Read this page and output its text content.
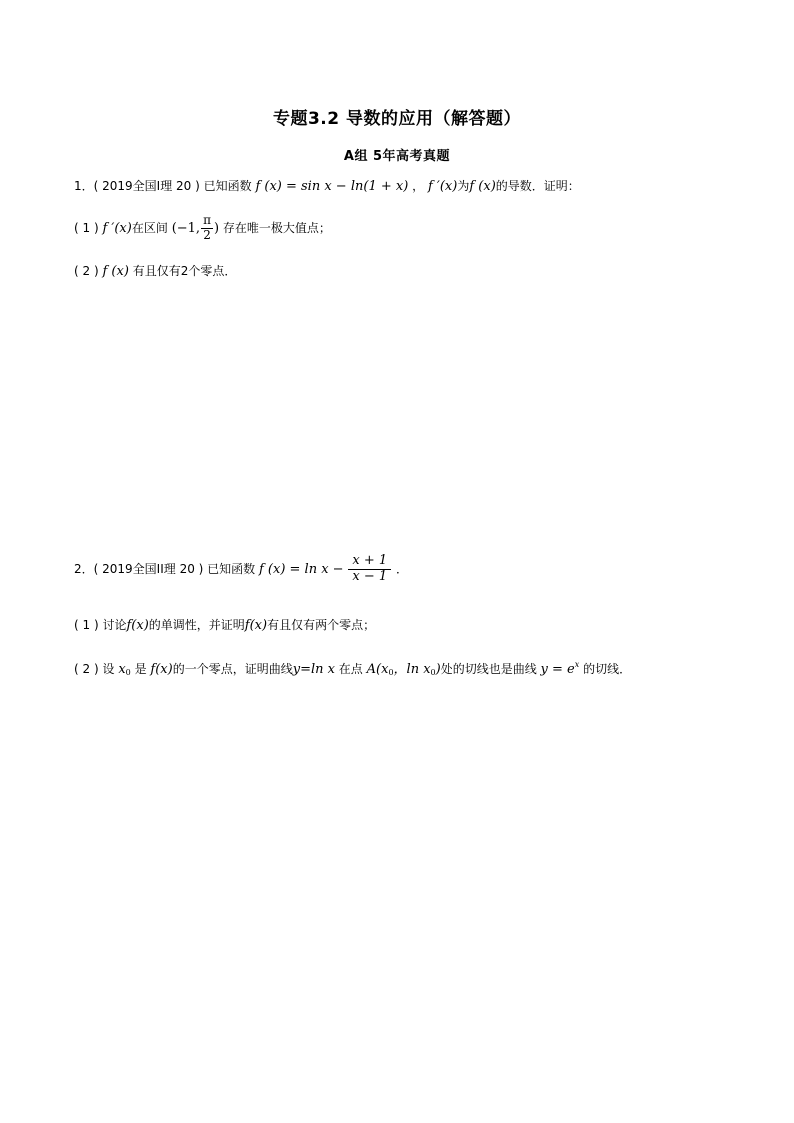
专题3.2 导数的应用（解答题）
A组 5年高考真题
1．( 2019全国I理 20 ) 已知函数 f (x) = sin x − ln(1 + x) ， f ′(x)为f (x)的导数．证明：
( 1 ) f ′(x)在区间 (−1, $\frac{\pi}{2}$ ) 存在唯一极大值点；
( 2 ) f (x) 有且仅有2个零点．
2．( 2019全国II理 20 ) 已知函数 f $(x) = \ln x - \frac{x + 1}{x - 1}$ ．
( 1 ) 讨论f(x)的单调性，并证明f(x)有且仅有两个零点；
( 2 ) 设 $x_0$ 是 f(x)的一个零点，证明曲线y=ln x 在点 $A(x_0$，$\ln x_0$)处的切线也是曲线 $y = e^x$ 的切线．
